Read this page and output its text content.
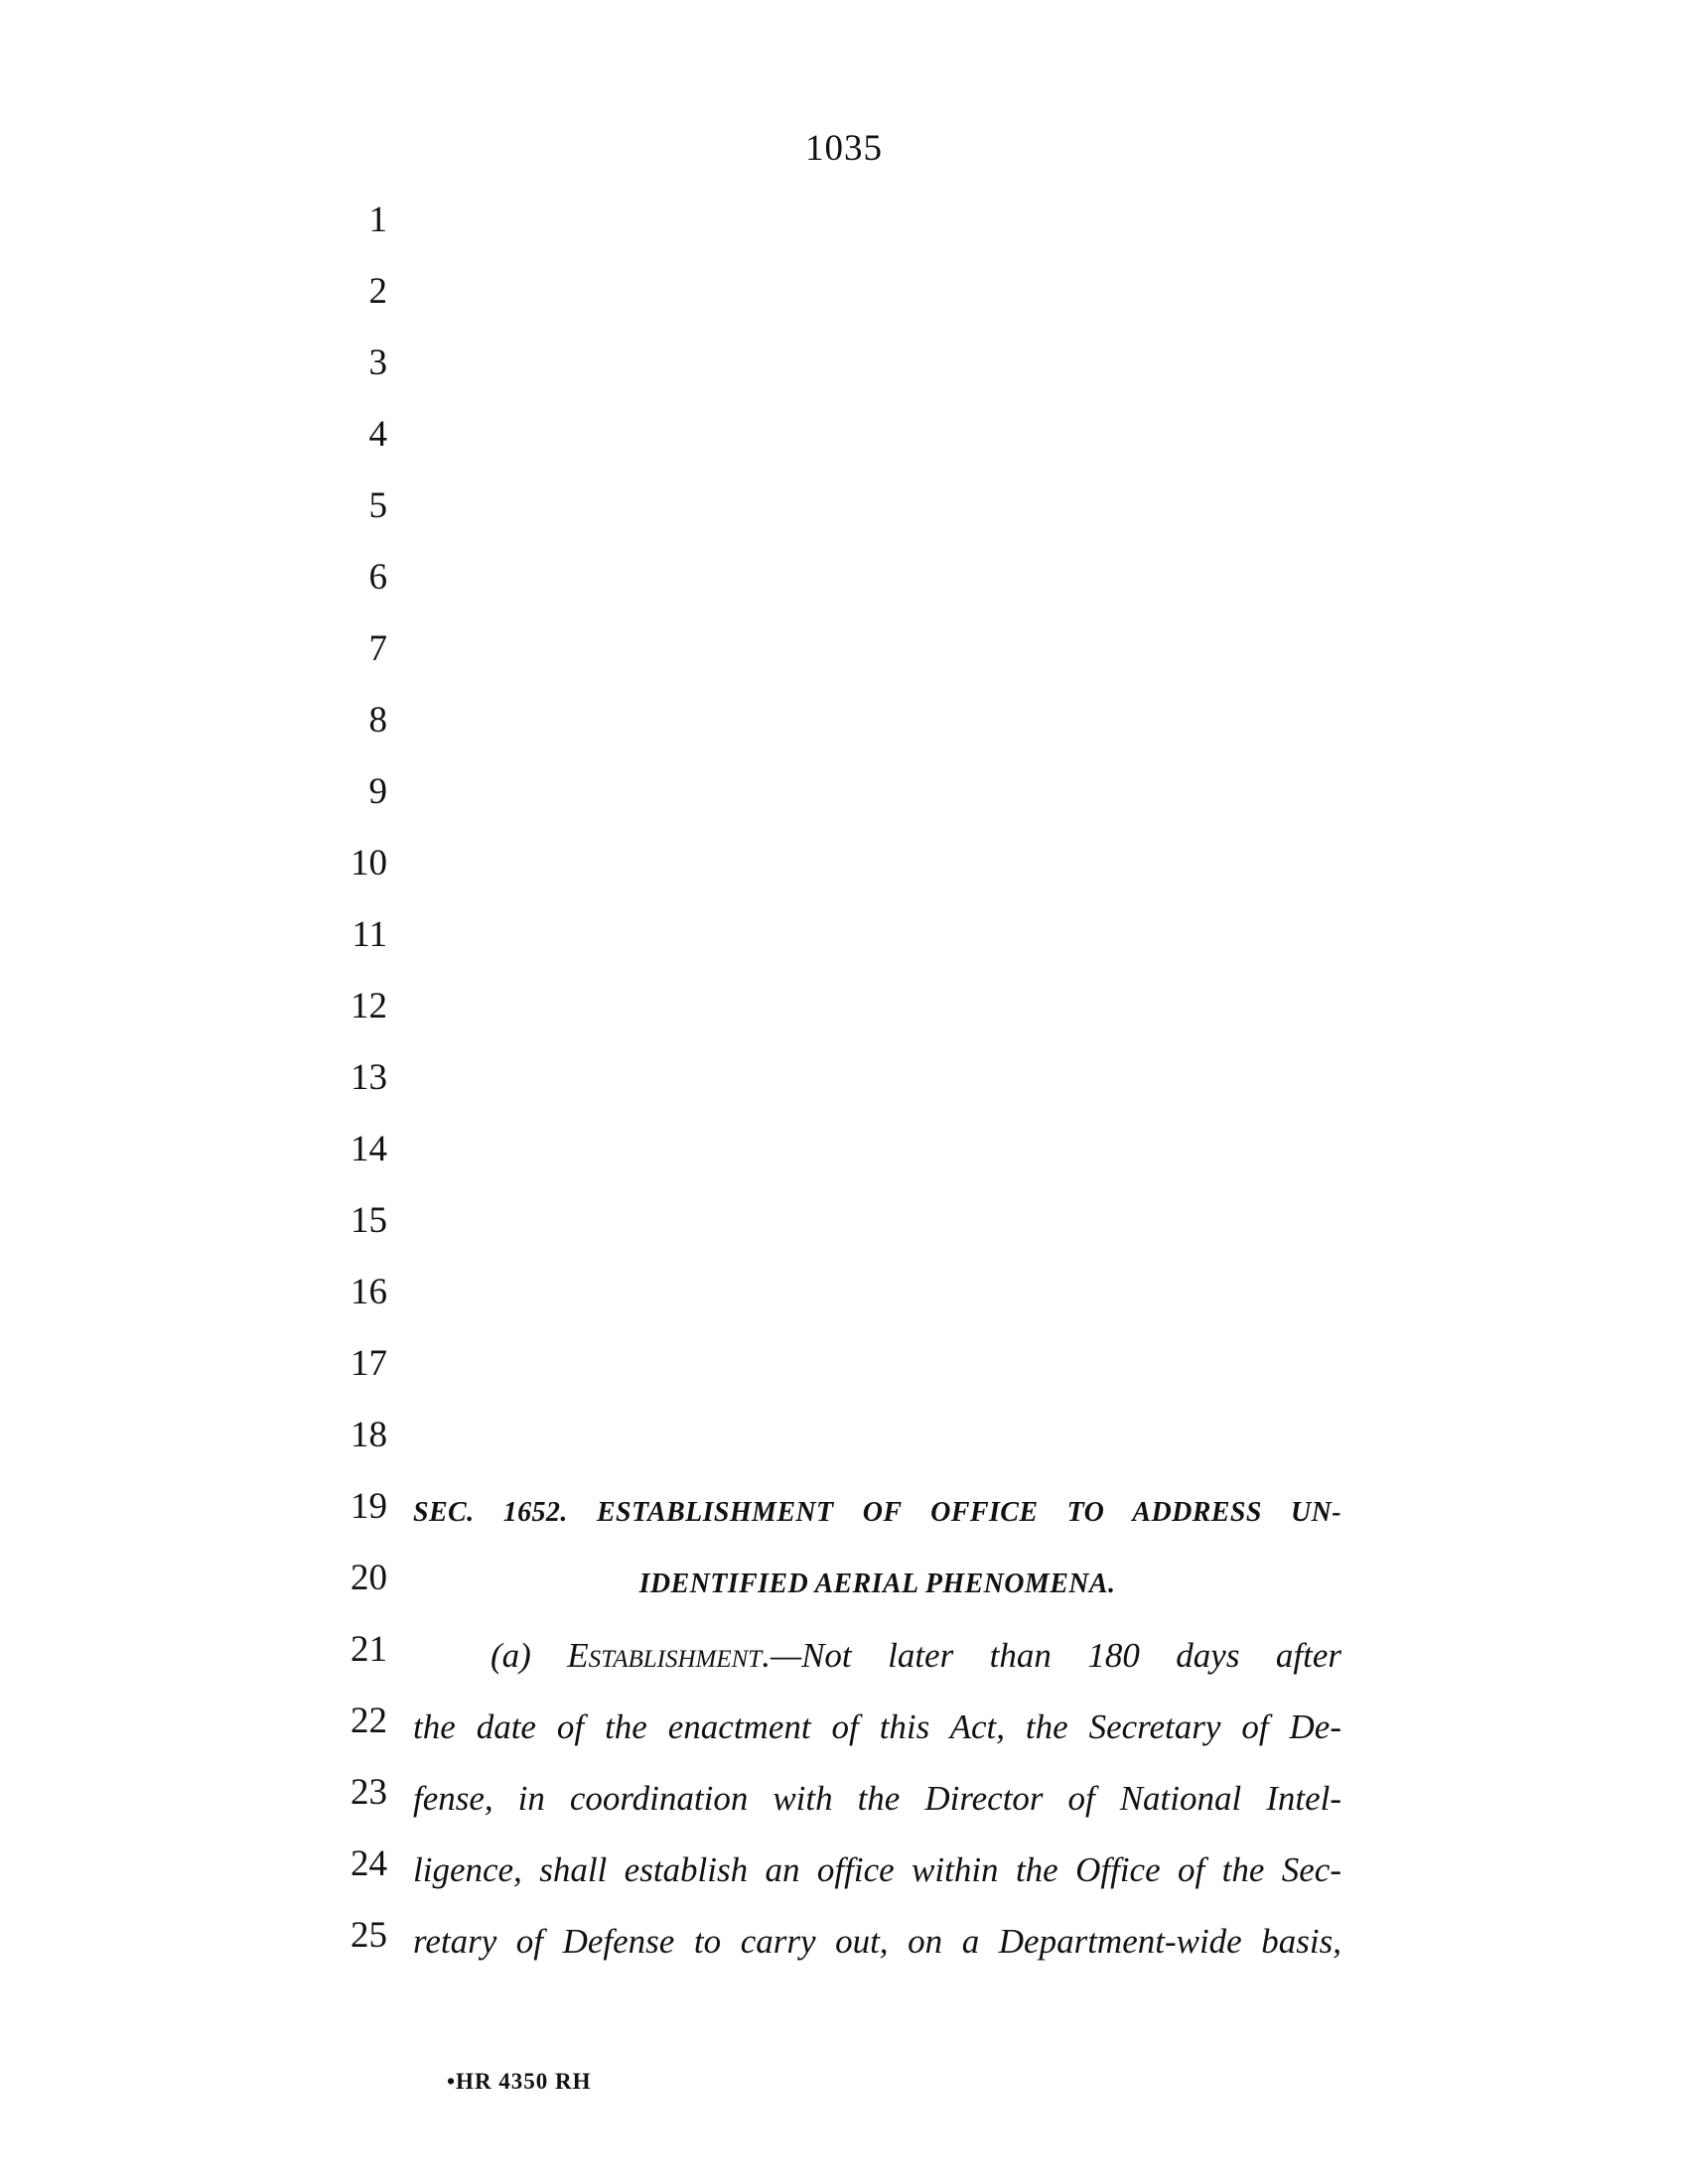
1035
1
2
3
4
5
6
7
8
9
10
11
12
13
14
15
16
17
18
19
20
21
22
23
24
25
SEC. 1652. ESTABLISHMENT OF OFFICE TO ADDRESS UN-
IDENTIFIED AERIAL PHENOMENA.
(a) Establishment.—Not later than 180 days after
the date of the enactment of this Act, the Secretary of De-
fense, in coordination with the Director of National Intel-
ligence, shall establish an office within the Office of the Sec-
retary of Defense to carry out, on a Department-wide basis,
•HR 4350 RH
